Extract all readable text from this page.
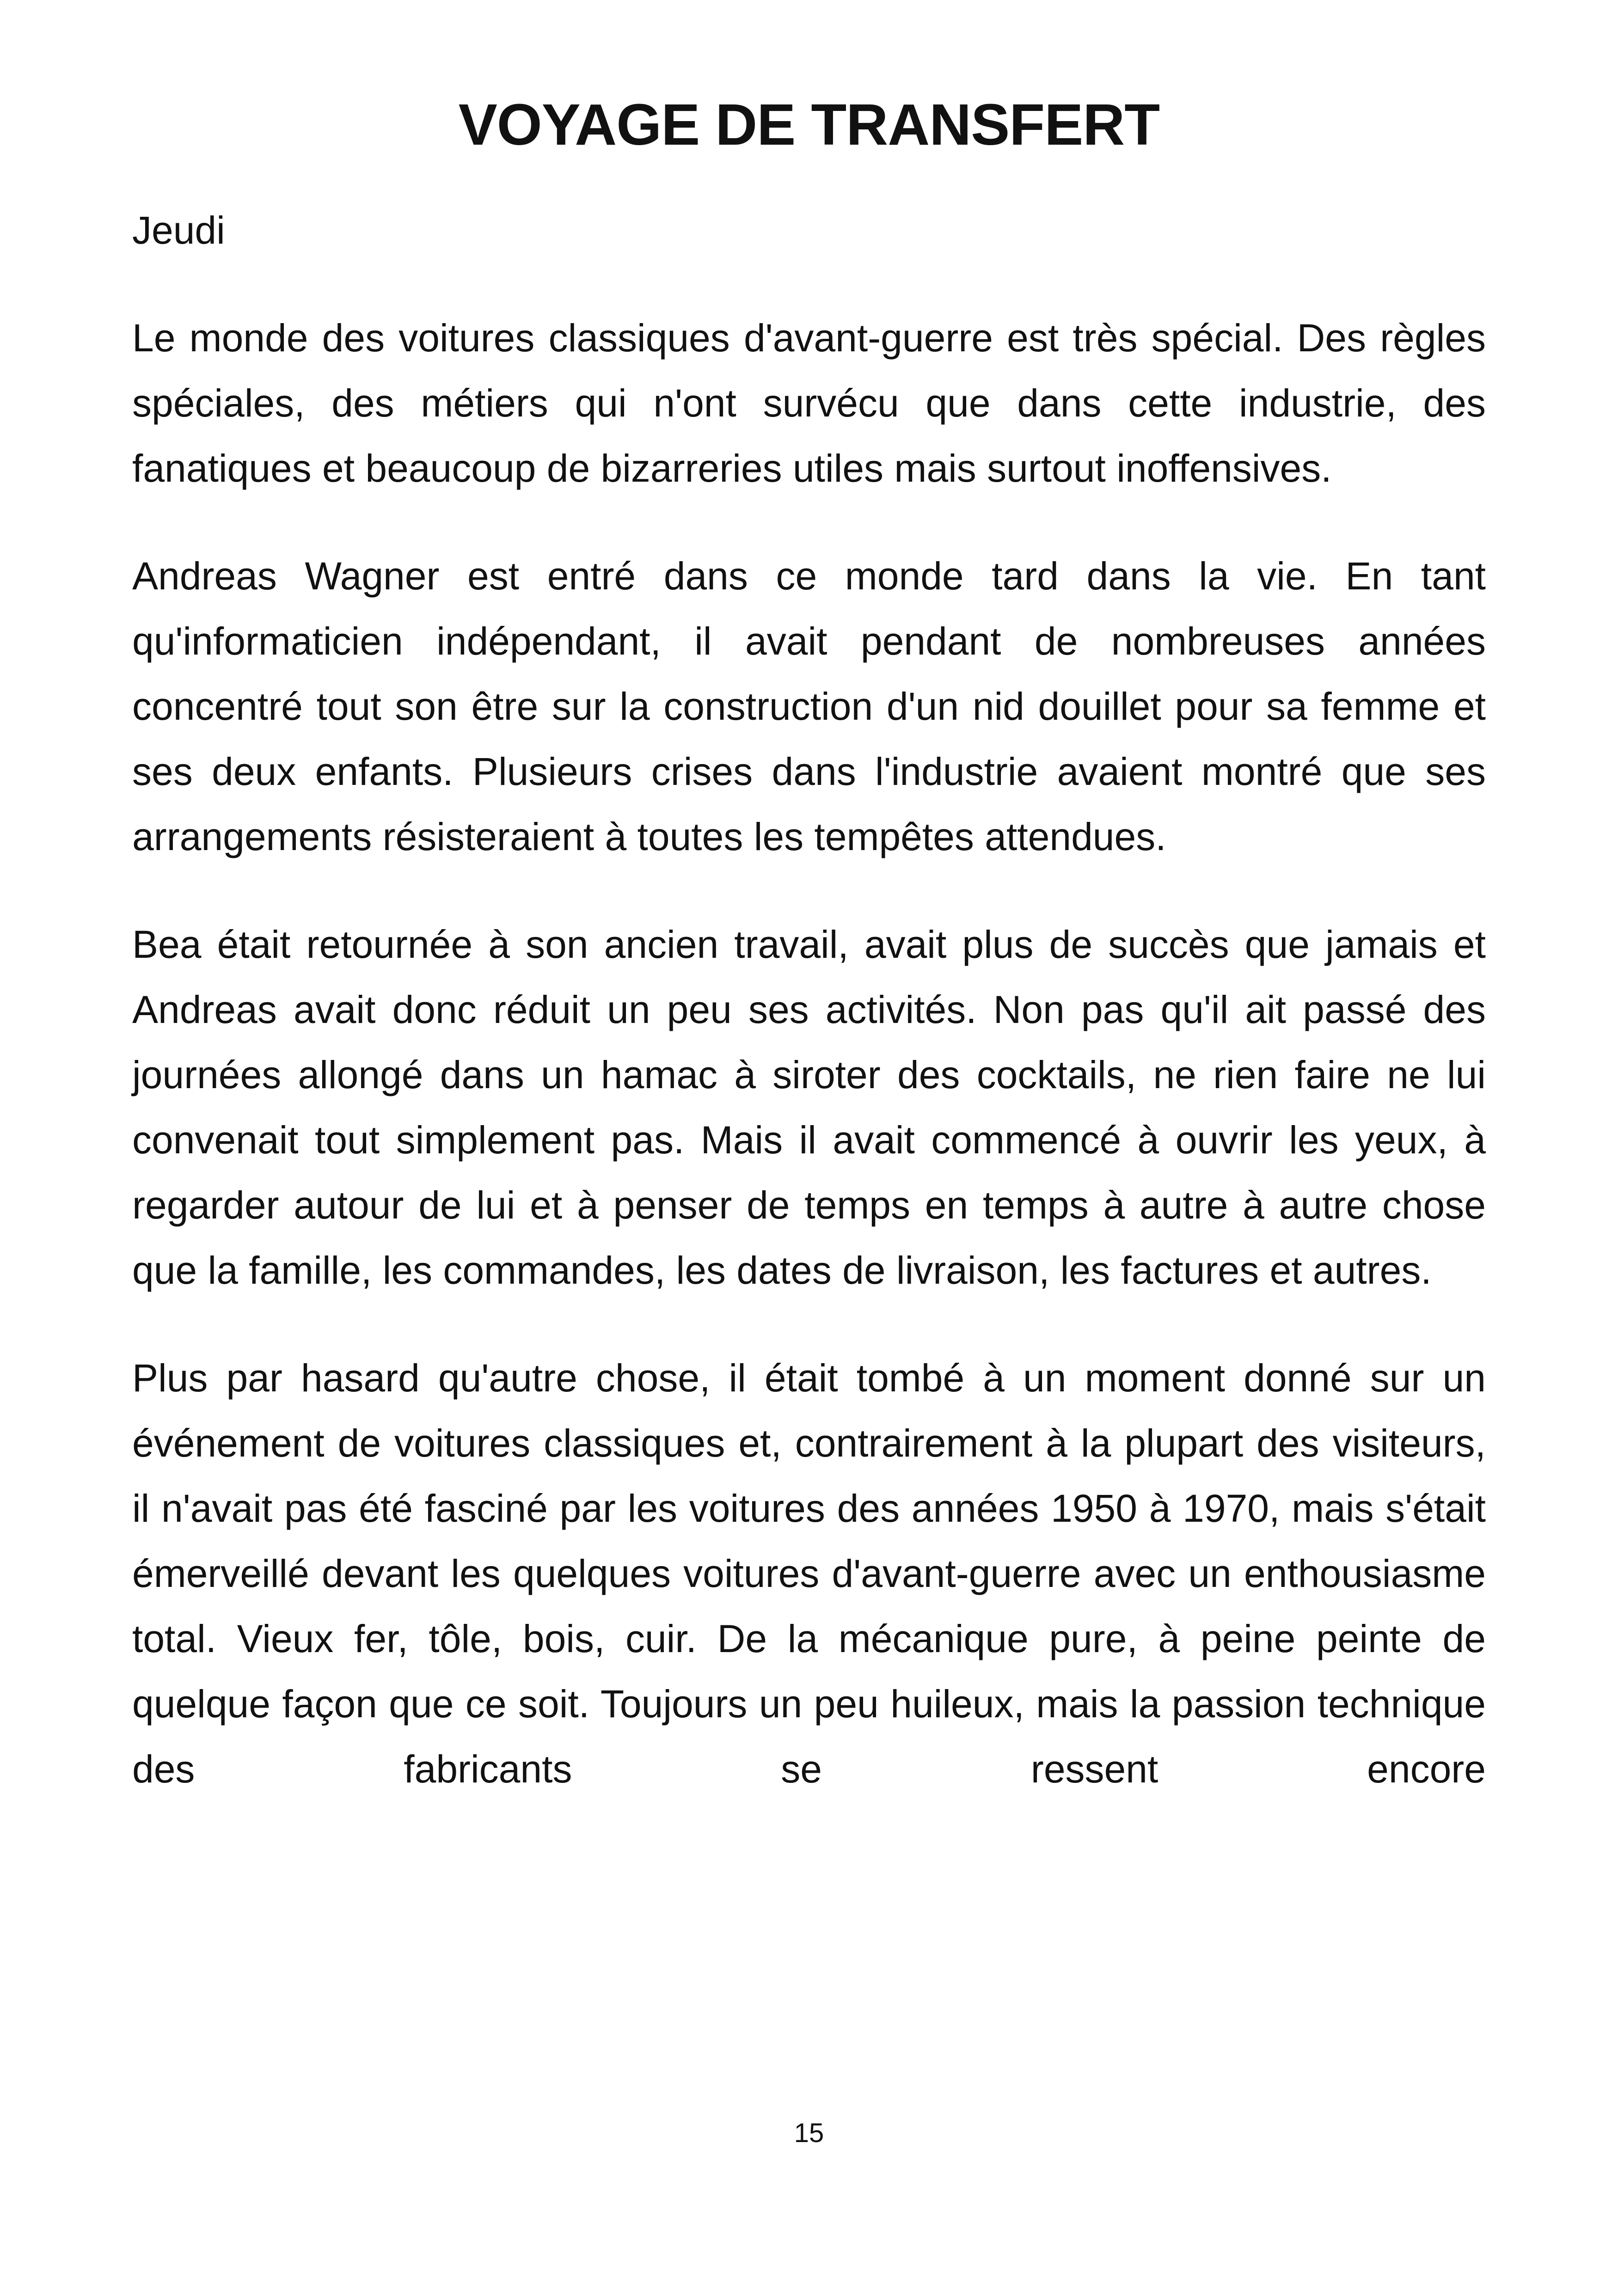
VOYAGE DE TRANSFERT

Jeudi

Le monde des voitures classiques d'avant-guerre est très spécial. Des règles spéciales, des métiers qui n'ont survécu que dans cette industrie, des fanatiques et beaucoup de bizarreries utiles mais surtout inoffensives.

Andreas Wagner est entré dans ce monde tard dans la vie. En tant qu'informaticien indépendant, il avait pendant de nombreuses années concentré tout son être sur la construction d'un nid douillet pour sa femme et ses deux enfants. Plusieurs crises dans l'industrie avaient montré que ses arrangements résisteraient à toutes les tempêtes attendues.

Bea était retournée à son ancien travail, avait plus de succès que jamais et Andreas avait donc réduit un peu ses activités. Non pas qu'il ait passé des journées allongé dans un hamac à siroter des cocktails, ne rien faire ne lui convenait tout simplement pas. Mais il avait commencé à ouvrir les yeux, à regarder autour de lui et à penser de temps en temps à autre à autre chose que la famille, les commandes, les dates de livraison, les factures et autres.

Plus par hasard qu'autre chose, il était tombé à un moment donné sur un événement de voitures classiques et, contrairement à la plupart des visiteurs, il n'avait pas été fasciné par les voitures des années 1950 à 1970, mais s'était émerveillé devant les quelques voitures d'avant-guerre avec un enthousiasme total. Vieux fer, tôle, bois, cuir. De la mécanique pure, à peine peinte de quelque façon que ce soit. Toujours un peu huileux, mais la passion technique des fabricants se ressent encore

15
